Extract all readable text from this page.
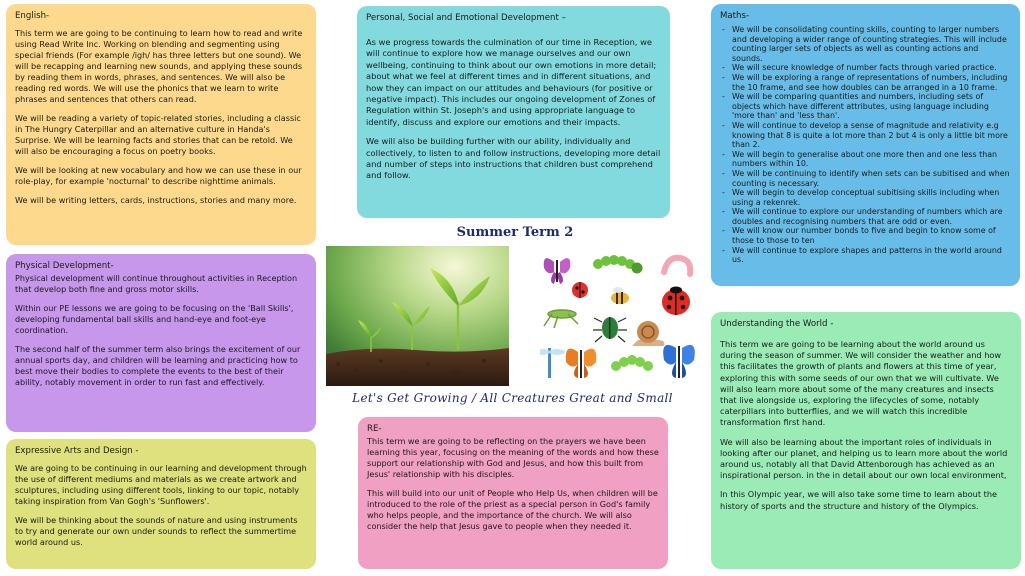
English-

This term we are going to be continuing to learn how to read and write using Read Write Inc. Working on blending and segmenting using special friends (For example /igh/ has three letters but one sound). We will be recapping and learning new sounds, and applying these sounds by reading them in words, phrases, and sentences. We will also be reading red words. We will use the phonics that we learn to write phrases and sentences that others can read.

We will be reading a variety of topic-related stories, including a classic in The Hungry Caterpillar and an alternative culture in Handa's Surprise. We will be learning facts and stories that can be retold. We will also be encouraging a focus on poetry books.

We will be looking at new vocabulary and how we can use these in our role-play, for example 'nocturnal' to describe nighttime animals.

We will be writing letters, cards, instructions, stories and many more.

Personal, Social and Emotional Development –

As we progress towards the culmination of our time in Reception, we will continue to explore how we manage ourselves and our own wellbeing, continuing to think about our own emotions in more detail; about what we feel at different times and in different situations, and how they can impact on our attitudes and behaviours (for positive or negative impact). This includes our ongoing development of Zones of Regulation within St. Joseph's and using appropriate language to identify, discuss and explore our emotions and their impacts.

We will also be building further with our ability, individually and collectively, to listen to and follow instructions, developing more detail and number of steps into instructions that children bust comprehend and follow.

Maths-
- We will be consolidating counting skills, counting to larger numbers and developing a wider range of counting strategies. This will include counting larger sets of objects as well as counting actions and sounds.
- We will secure knowledge of number facts through varied practice.
- We will be exploring a range of representations of numbers, including the 10 frame, and see how doubles can be arranged in a 10 frame.
- We will be comparing quantities and numbers, including sets of objects which have different attributes, using language including 'more than' and 'less than'.
- We will continue to develop a sense of magnitude and relativity e.g knowing that 8 is quite a lot more than 2 but 4 is only a little bit more than 2.
- We will begin to generalise about one more then and one less than numbers within 10.
- We will be continuing to identify when sets can be subitised and when counting is necessary.
- We will begin to develop conceptual subitising skills including when using a rekenrek.
- We will continue to explore our understanding of numbers which are doubles and recognising numbers that are odd or even.
- We will know our number bonds to five and begin to know some of those to those to ten
- We will continue to explore shapes and patterns in the world around us.
Summer Term 2
Let's Get Growing / All Creatures Great and Small
Physical Development-

Physical development will continue throughout activities in Reception that develop both fine and gross motor skills.

Within our PE lessons we are going to be focusing on the 'Ball Skills', developing fundamental ball skills and hand-eye and foot-eye coordination.

The second half of the summer term also brings the excitement of our annual sports day, and children will be learning and practicing how to best move their bodies to complete the events to the best of their ability, notably movement in order to run fast and effectively.

Expressive Arts and Design -

We are going to be continuing in our learning and development through the use of different mediums and materials as we create artwork and sculptures, including using different tools, linking to our topic, notably taking inspiration from Van Gogh's 'Sunflowers'.

We will be thinking about the sounds of nature and using instruments to try and generate our own under sounds to reflect the summertime world around us.

RE-

This term we are going to be reflecting on the prayers we have been learning this year, focusing on the meaning of the words and how these support our relationship with God and Jesus, and how this built from Jesus' relationship with his disciples.

This will build into our unit of People who Help Us, when children will be introduced to the role of the priest as a special person in God's family who helps people, and the importance of the church. We will also consider the help that Jesus gave to people when they needed it.

Understanding the World -

This term we are going to be learning about the world around us during the season of summer. We will consider the weather and how this facilitates the growth of plants and flowers at this time of year, exploring this with some seeds of our own that we will cultivate. We will also learn more about some of the many creatures and insects that live alongside us, exploring the lifecycles of some, notably caterpillars into butterflies, and we will watch this incredible transformation first hand.

We will also be learning about the important roles of individuals in looking after our planet, and helping us to learn more about the world around us, notably all that David Attenborough has achieved as an inspirational person. in the in detail about our own local environment,

In this Olympic year, we will also take some time to learn about the history of sports and the structure and history of the Olympics.
